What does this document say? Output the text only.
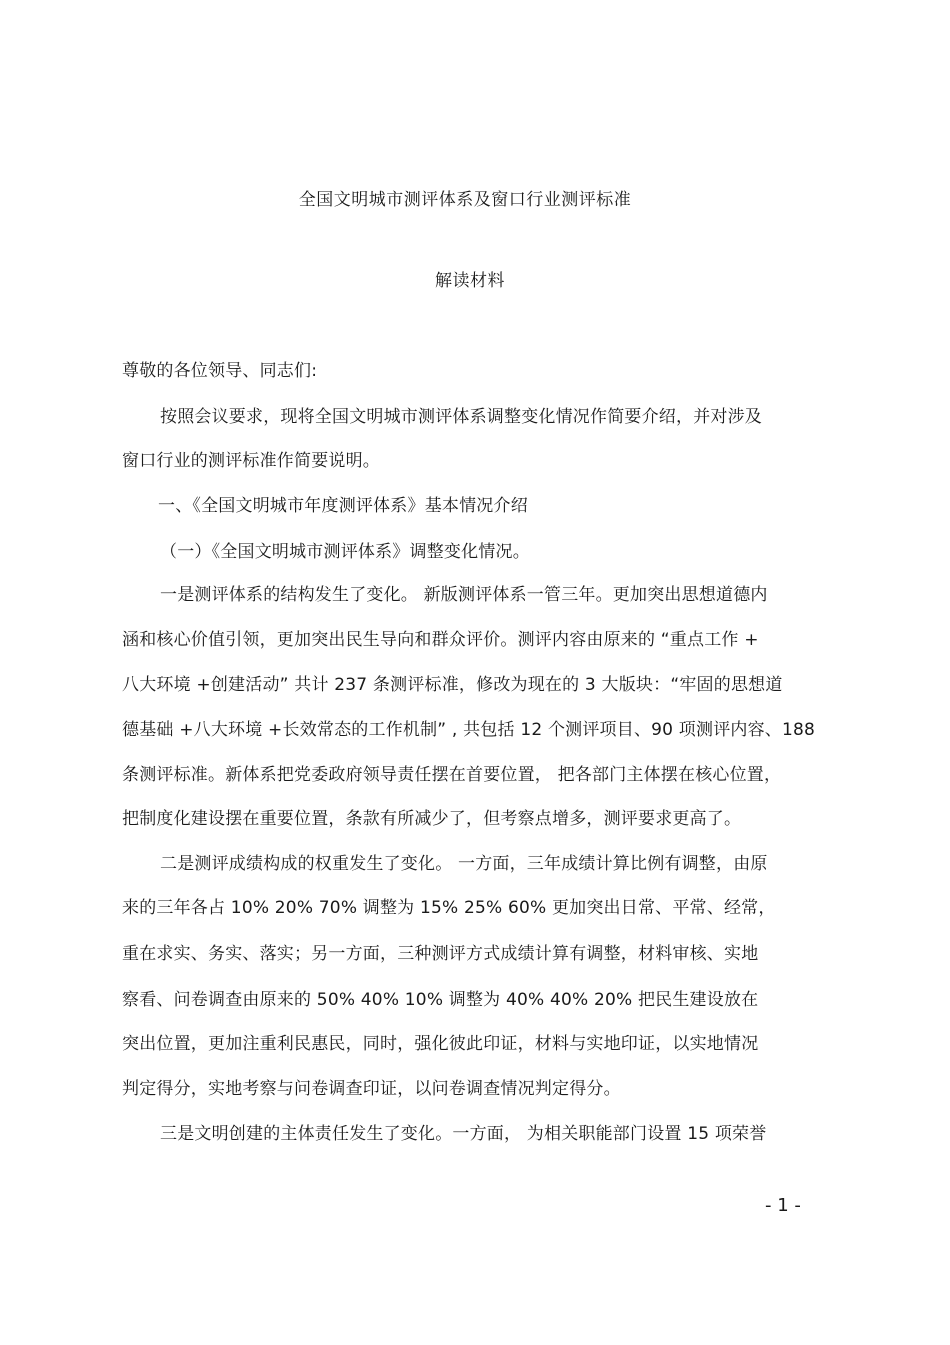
全国文明城市测评体系及窗口行业测评标准
解读材料
尊敬的各位领导、同志们:
按照会议要求，现将全国文明城市测评体系调整变化情况作简要介绍，并对涉及
窗口行业的测评标准作简要说明。
一、《全国文明城市年度测评体系》基本情况介绍
（一）《全国文明城市测评体系》调整变化情况。
一是测评体系的结构发生了变化。 新版测评体系一管三年。更加突出思想道德内
涵和核心价值引领，更加突出民生导向和群众评价。测评内容由原来的 “重点工作 +
八大环境 +创建活动” 共计 237 条测评标准，修改为现在的 3 大版块：“牢固的思想道
德基础 +八大环境 +长效常态的工作机制” , 共包括 12 个测评项目、90 项测评内容、188
条测评标准。新体系把党委政府领导责任摆在首要位置， 把各部门主体摆在核心位置，
把制度化建设摆在重要位置，条款有所减少了，但考察点增多，测评要求更高了。
二是测评成绩构成的权重发生了变化。 一方面，三年成绩计算比例有调整，由原
来的三年各占 10% 20% 70% 调整为 15% 25% 60% 更加突出日常、平常、经常，
重在求实、务实、落实；另一方面，三种测评方式成绩计算有调整，材料审核、实地
察看、问卷调查由原来的 50% 40% 10% 调整为 40% 40% 20% 把民生建设放在
突出位置，更加注重利民惠民，同时，强化彼此印证，材料与实地印证，以实地情况
判定得分，实地考察与问卷调查印证，以问卷调查情况判定得分。
三是文明创建的主体责任发生了变化。一方面， 为相关职能部门设置 15 项荣誉
- 1 -
